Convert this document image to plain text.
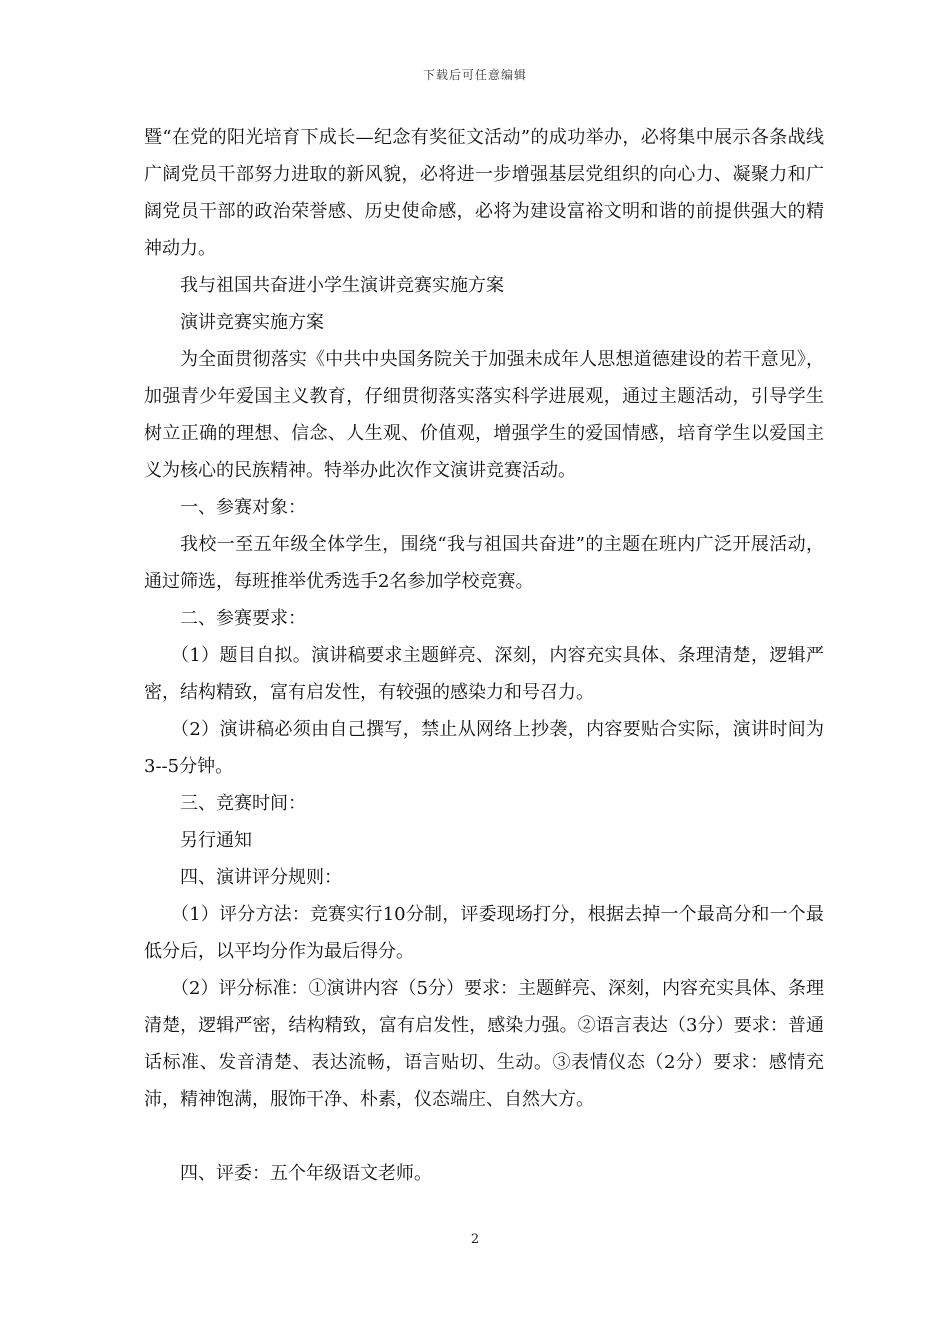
下载后可任意编辑

暨“在党的阳光培育下成长—纪念有奖征文活动”的成功举办，必将集中展示各条战线广阔党员干部努力进取的新风貌，必将进一步增强基层党组织的向心力、凝聚力和广阔党员干部的政治荣誉感、历史使命感，必将为建设富裕文明和谐的前提供强大的精神动力。

我与祖国共奋进小学生演讲竞赛实施方案

演讲竞赛实施方案

为全面贯彻落实《中共中央国务院关于加强未成年人思想道德建设的若干意见》，加强青少年爱国主义教育，仔细贯彻落实落实科学进展观，通过主题活动，引导学生树立正确的理想、信念、人生观、价值观，增强学生的爱国情感，培育学生以爱国主义为核心的民族精神。特举办此次作文演讲竞赛活动。

一、参赛对象：

我校一至五年级全体学生，围绕“我与祖国共奋进”的主题在班内广泛开展活动，通过筛选，每班推举优秀选手2名参加学校竞赛。

二、参赛要求：

（1）题目自拟。演讲稿要求主题鲜亮、深刻，内容充实具体、条理清楚，逻辑严密，结构精致，富有启发性，有较强的感染力和号召力。

（2）演讲稿必须由自己撰写，禁止从网络上抄袭，内容要贴合实际，演讲时间为3--5分钟。

三、竞赛时间：

另行通知

四、演讲评分规则：

（1）评分方法：竞赛实行10分制，评委现场打分，根据去掉一个最高分和一个最低分后，以平均分作为最后得分。

（2）评分标准：①演讲内容（5分）要求：主题鲜亮、深刻，内容充实具体、条理清楚，逻辑严密，结构精致，富有启发性，感染力强。②语言表达（3分）要求：普通话标准、发音清楚、表达流畅，语言贴切、生动。③表情仪态（2分）要求：感情充沛，精神饱满，服饰干净、朴素，仪态端庄、自然大方。

四、评委：五个年级语文老师。

2
